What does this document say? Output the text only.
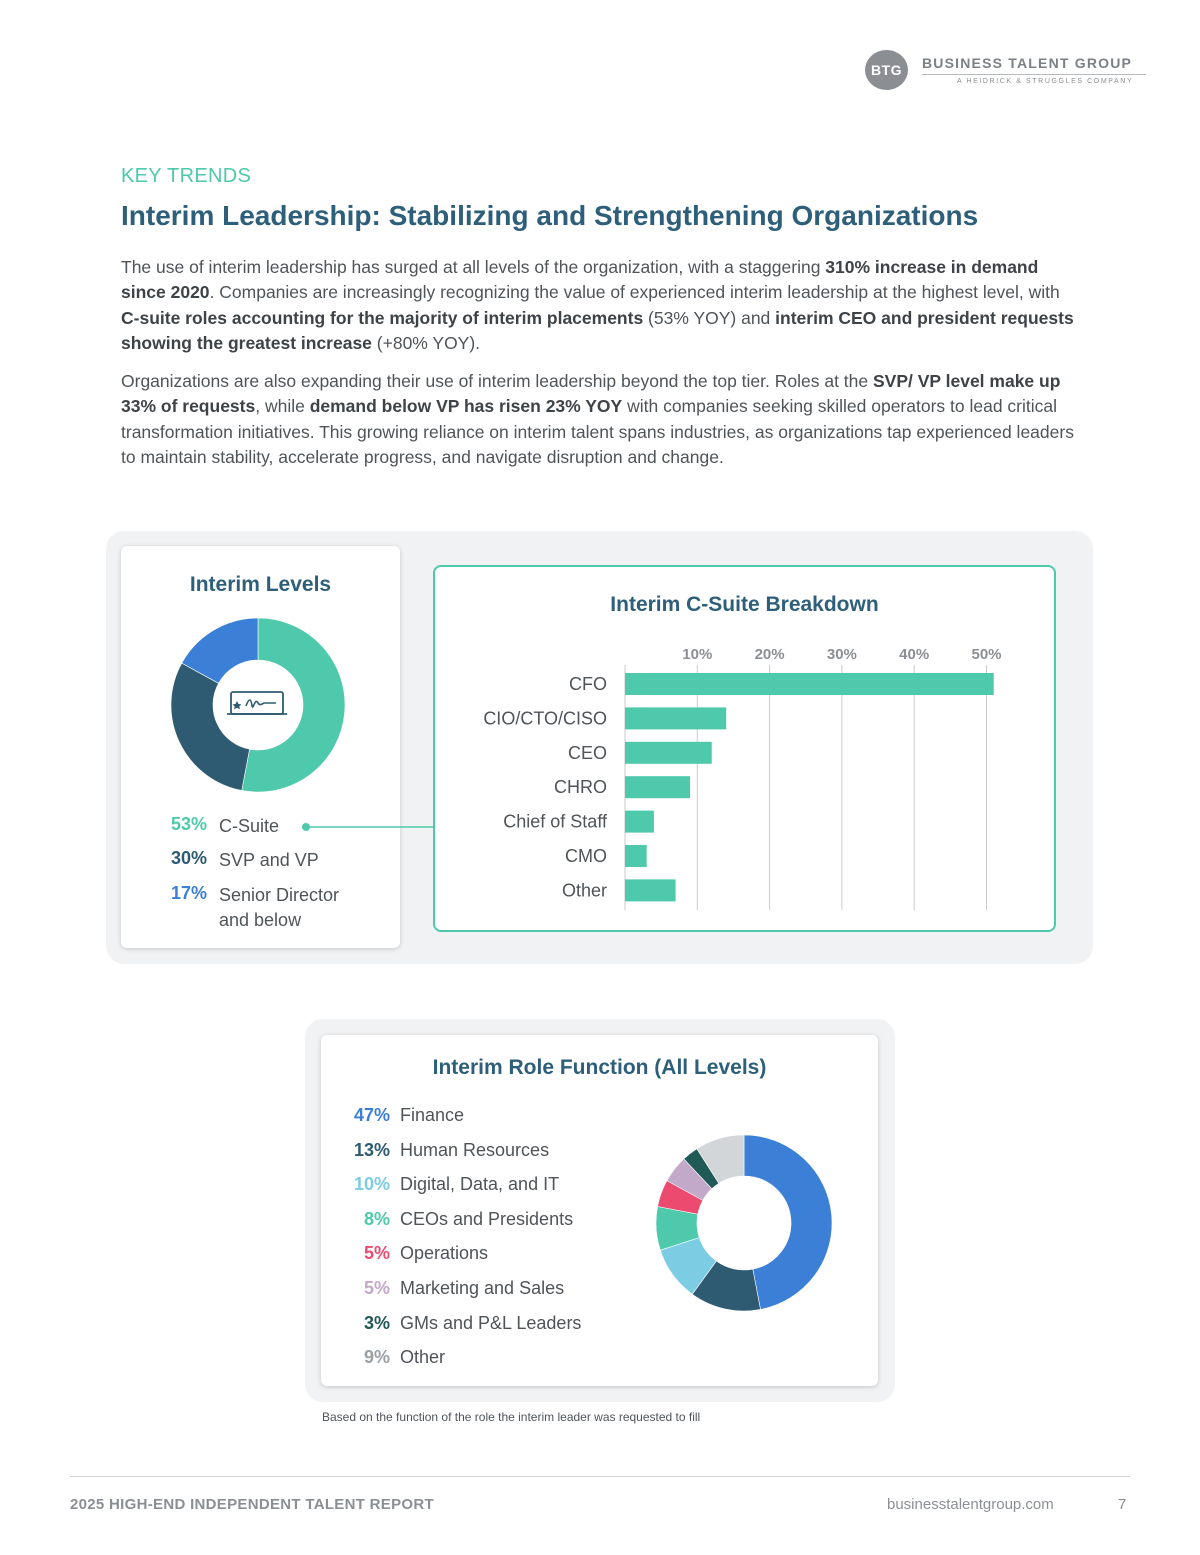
BTG	BUSINESS TALENT GROUP
A HEIDRICK & STRUGGLES COMPANY
KEY TRENDS
Interim Leadership: Stabilizing and Strengthening Organizations

The use of interim leadership has surged at all levels of the organization, with a staggering 310% increase in demand since 2020. Companies are increasingly recognizing the value of experienced interim leadership at the highest level, with C-suite roles accounting for the majority of interim placements (53% YOY) and interim CEO and president requests showing the greatest increase (+80% YOY).

Organizations are also expanding their use of interim leadership beyond the top tier. Roles at the SVP/ VP level make up 33% of requests, while demand below VP has risen 23% YOY with companies seeking skilled operators to lead critical transformation initiatives. This growing reliance on interim talent spans industries, as organizations tap experienced leaders to maintain stability, accelerate progress, and navigate disruption and change.

Interim Levels
53% C-Suite
30% SVP and VP
17% Senior Director and below
Interim C-Suite Breakdown
10%	20%	30%	40%	50%
CFO
CIO/CTO/CISO
CEO
CHRO
Chief of Staff
CMO
Other
Interim Role Function (All Levels)
47% Finance
13% Human Resources
10% Digital, Data, and IT
8% CEOs and Presidents
5% Operations
5% Marketing and Sales
3% GMs and P&L Leaders
9% Other
Based on the function of the role the interim leader was requested to fill
2025 HIGH-END INDEPENDENT TALENT REPORT	businesstalentgroup.com	7
